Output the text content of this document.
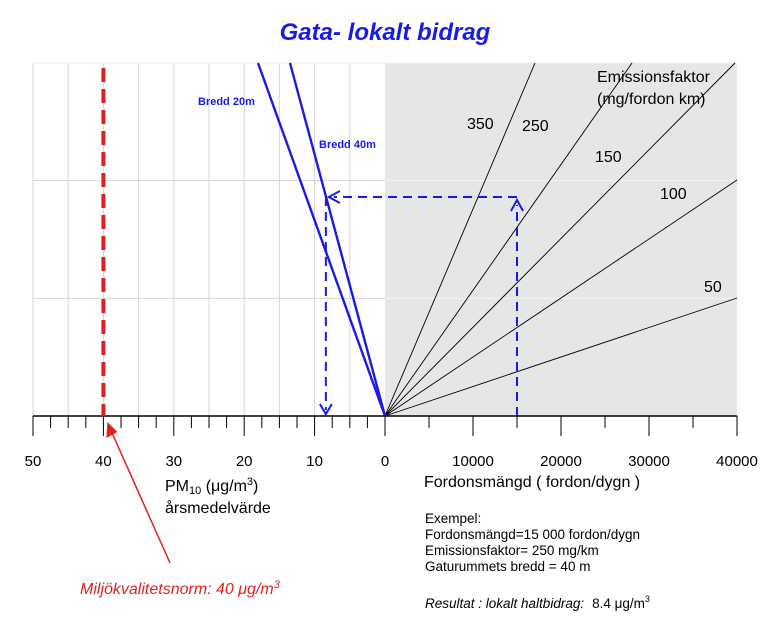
350 250
150
100
50
Bredd 20m
Bredd 40m
50	40	30	20	10	0	10000	20000	30000	40000
Gata- lokalt bidrag
Emissionsfaktor
(mg/fordon km)
PM10 $(\mu g/m^3)$
årsmedelvärde
Fordonsmängd ( fordon/dygn )
Exempel:
Fordonsmängd=15 000 fordon/dygn
Emissionsfaktor= 250 mg/km
Gaturummets bredd = 40 m
Resultat : lokalt haltbidrag: 8.4 $\mu g/m^3$
Miljökvalitetsnorm: 40 $\mu g/m^3$
